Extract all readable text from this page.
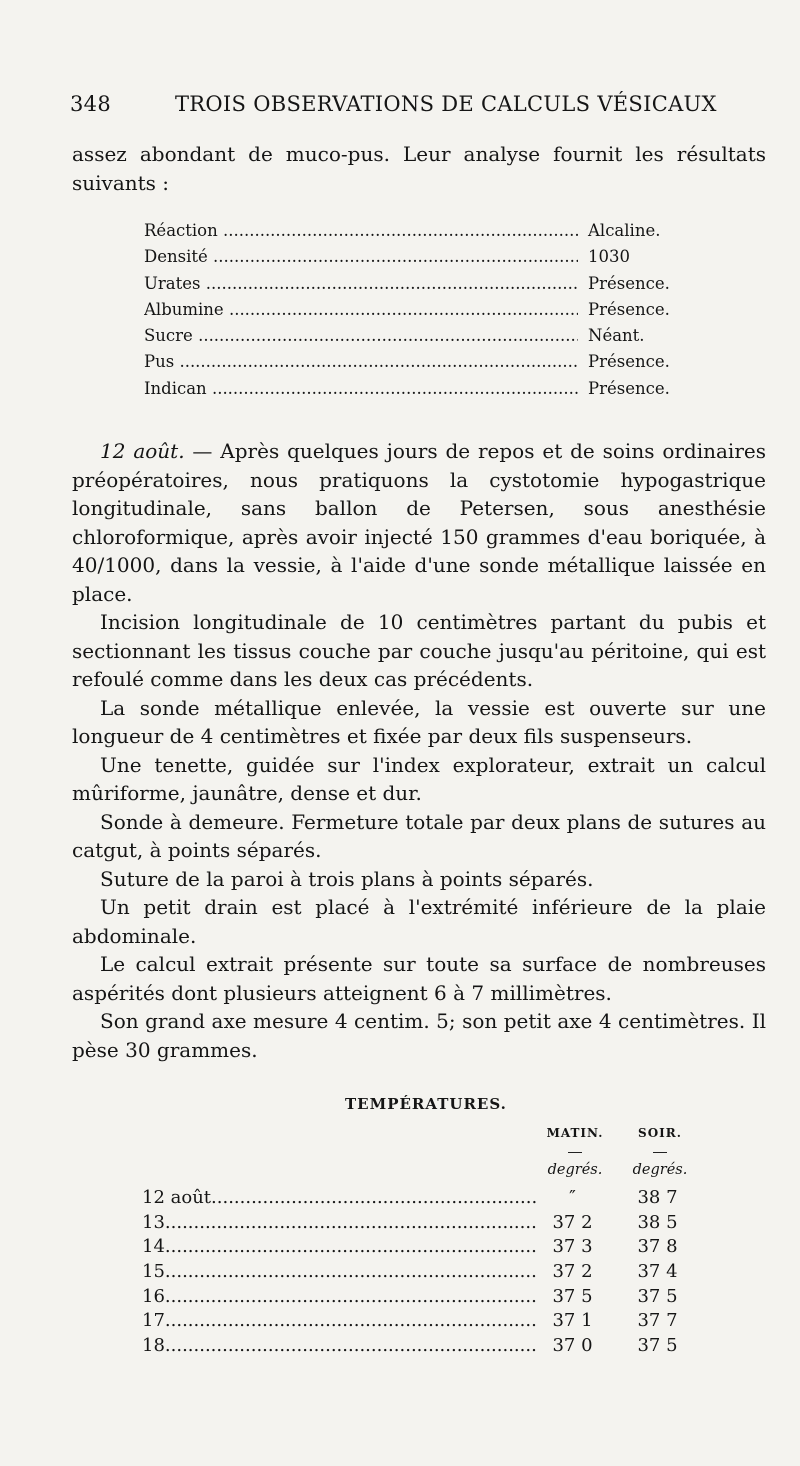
348	TROIS OBSERVATIONS DE CALCULS VÉSICAUX

assez abondant de muco-pus. Leur analyse fournit les résultats suivants :

Réaction .....	Alcaline.
Densité .....	1030
Urates .....	Présence.
Albumine .....	Présence.
Sucre .....	Néant.
Pus .....	Présence.
Indican .....	Présence.

12 août. — Après quelques jours de repos et de soins ordinaires préopératoires, nous pratiquons la cystotomie hypogastrique longitudinale, sans ballon de Petersen, sous anesthésie chloroformique, après avoir injecté 150 grammes d'eau boriquée, à 40/1000, dans la vessie, à l'aide d'une sonde métallique laissée en place.

Incision longitudinale de 10 centimètres partant du pubis et sectionnant les tissus couche par couche jusqu'au péritoine, qui est refoulé comme dans les deux cas précédents.

La sonde métallique enlevée, la vessie est ouverte sur une longueur de 4 centimètres et fixée par deux fils suspenseurs.

Une tenette, guidée sur l'index explorateur, extrait un calcul mûriforme, jaunâtre, dense et dur.

Sonde à demeure. Fermeture totale par deux plans de sutures au catgut, à points séparés.

Suture de la paroi à trois plans à points séparés.

Un petit drain est placé à l'extrémité inférieure de la plaie abdominale.

Le calcul extrait présente sur toute sa surface de nombreuses aspérités dont plusieurs atteignent 6 à 7 millimètres.

Son grand axe mesure 4 centim. 5; son petit axe 4 centimètres. Il pèse 30 grammes.

TEMPÉRATURES.
MATIN.	SOIR.
degrés. degrés.
12 août .....	″	38 7
13 .....	37 2	38 5
14 .....	37 3	37 8
15 .....	37 2	37 4
16 .....	37 5	37 5
17 .....	37 1	37 7
18 .....	37 0	37 5
